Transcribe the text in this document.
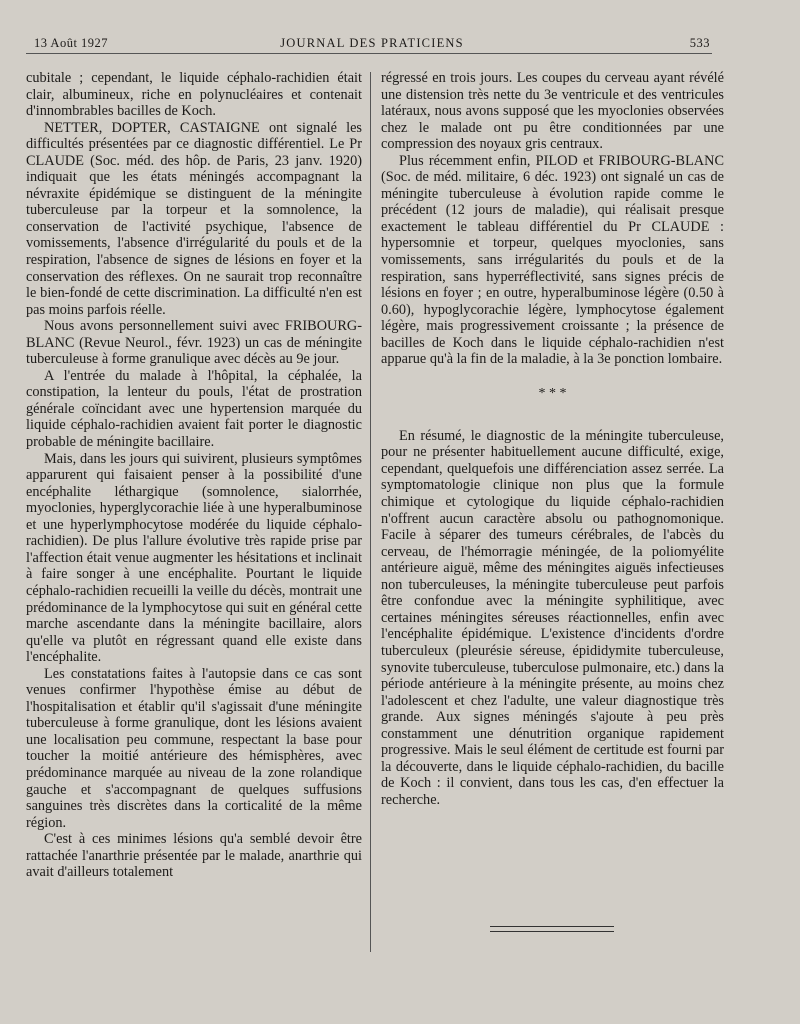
13 Août 1927	JOURNAL DES PRATICIENS	533

cubitale ; cependant, le liquide céphalo-rachidien était clair, albumineux, riche en polynucléaires et contenait d'innombrables bacilles de Koch.

NETTER, DOPTER, CASTAIGNE ont signalé les difficultés présentées par ce diagnostic différentiel. Le Pr CLAUDE (Soc. méd. des hôp. de Paris, 23 janv. 1920) indiquait que les états méningés accompagnant la névraxite épidémique se distinguent de la méningite tuberculeuse par la torpeur et la somnolence, la conservation de l'activité psychique, l'absence de vomissements, l'absence d'irrégularité du pouls et de la respiration, l'absence de signes de lésions en foyer et la conservation des réflexes. On ne saurait trop reconnaître le bien-fondé de cette discrimination. La difficulté n'en est pas moins parfois réelle.

Nous avons personnellement suivi avec FRIBOURG-BLANC (Revue Neurol., févr. 1923) un cas de méningite tuberculeuse à forme granulique avec décès au 9e jour.

A l'entrée du malade à l'hôpital, la céphalée, la constipation, la lenteur du pouls, l'état de prostration générale coïncidant avec une hypertension marquée du liquide céphalo-rachidien avaient fait porter le diagnostic probable de méningite bacillaire.

Mais, dans les jours qui suivirent, plusieurs symptômes apparurent qui faisaient penser à la possibilité d'une encéphalite léthargique (somnolence, sialorrhée, myoclonies, hyperglycorachie liée à une hyperalbuminose et une hyperlymphocytose modérée du liquide céphalo-rachidien). De plus l'allure évolutive très rapide prise par l'affection était venue augmenter les hésitations et inclinait à faire songer à une encéphalite. Pourtant le liquide céphalo-rachidien recueilli la veille du décès, montrait une prédominance de la lymphocytose qui suit en général cette marche ascendante dans la méningite bacillaire, alors qu'elle va plutôt en régressant quand elle existe dans l'encéphalite.

Les constatations faites à l'autopsie dans ce cas sont venues confirmer l'hypothèse émise au début de l'hospitalisation et établir qu'il s'agissait d'une méningite tuberculeuse à forme granulique, dont les lésions avaient une localisation peu commune, respectant la base pour toucher la moitié antérieure des hémisphères, avec prédominance marquée au niveau de la zone rolandique gauche et s'accompagnant de quelques suffusions sanguines très discrètes dans la corticalité de la même région.

C'est à ces minimes lésions qu'a semblé devoir être rattachée l'anarthrie présentée par le malade, anarthrie qui avait d'ailleurs totalement

régressé en trois jours. Les coupes du cerveau ayant révélé une distension très nette du 3e ventricule et des ventricules latéraux, nous avons supposé que les myoclonies observées chez le malade ont pu être conditionnées par une compression des noyaux gris centraux.

Plus récemment enfin, PILOD et FRIBOURG-BLANC (Soc. de méd. militaire, 6 déc. 1923) ont signalé un cas de méningite tuberculeuse à évolution rapide comme le précédent (12 jours de maladie), qui réalisait presque exactement le tableau différentiel du Pr CLAUDE : hypersomnie et torpeur, quelques myoclonies, sans vomissements, sans irrégularités du pouls et de la respiration, sans hyperréflectivité, sans signes précis de lésions en foyer ; en outre, hyperalbuminose légère (0.50 à 0.60), hypoglycorachie légère, lymphocytose également légère, mais progressivement croissante ; la présence de bacilles de Koch dans le liquide céphalo-rachidien n'est apparue qu'à la fin de la maladie, à la 3e ponction lombaire.

* * *

En résumé, le diagnostic de la méningite tuberculeuse, pour ne présenter habituellement aucune difficulté, exige, cependant, quelquefois une différenciation assez serrée. La symptomatologie clinique non plus que la formule chimique et cytologique du liquide céphalo-rachidien n'offrent aucun caractère absolu ou pathognomonique. Facile à séparer des tumeurs cérébrales, de l'abcès du cerveau, de l'hémorragie méningée, de la poliomyélite antérieure aiguë, même des méningites aiguës infectieuses non tuberculeuses, la méningite tuberculeuse peut parfois être confondue avec la méningite syphilitique, avec certaines méningites séreuses réactionnelles, enfin avec l'encéphalite épidémique. L'existence d'incidents d'ordre tuberculeux (pleurésie séreuse, épididymite tuberculeuse, synovite tuberculeuse, tuberculose pulmonaire, etc.) dans la période antérieure à la méningite présente, au moins chez l'adolescent et chez l'adulte, une valeur diagnostique très grande. Aux signes méningés s'ajoute à peu près constamment une dénutrition organique rapidement progressive. Mais le seul élément de certitude est fourni par la découverte, dans le liquide céphalo-rachidien, du bacille de Koch : il convient, dans tous les cas, d'en effectuer la recherche.
